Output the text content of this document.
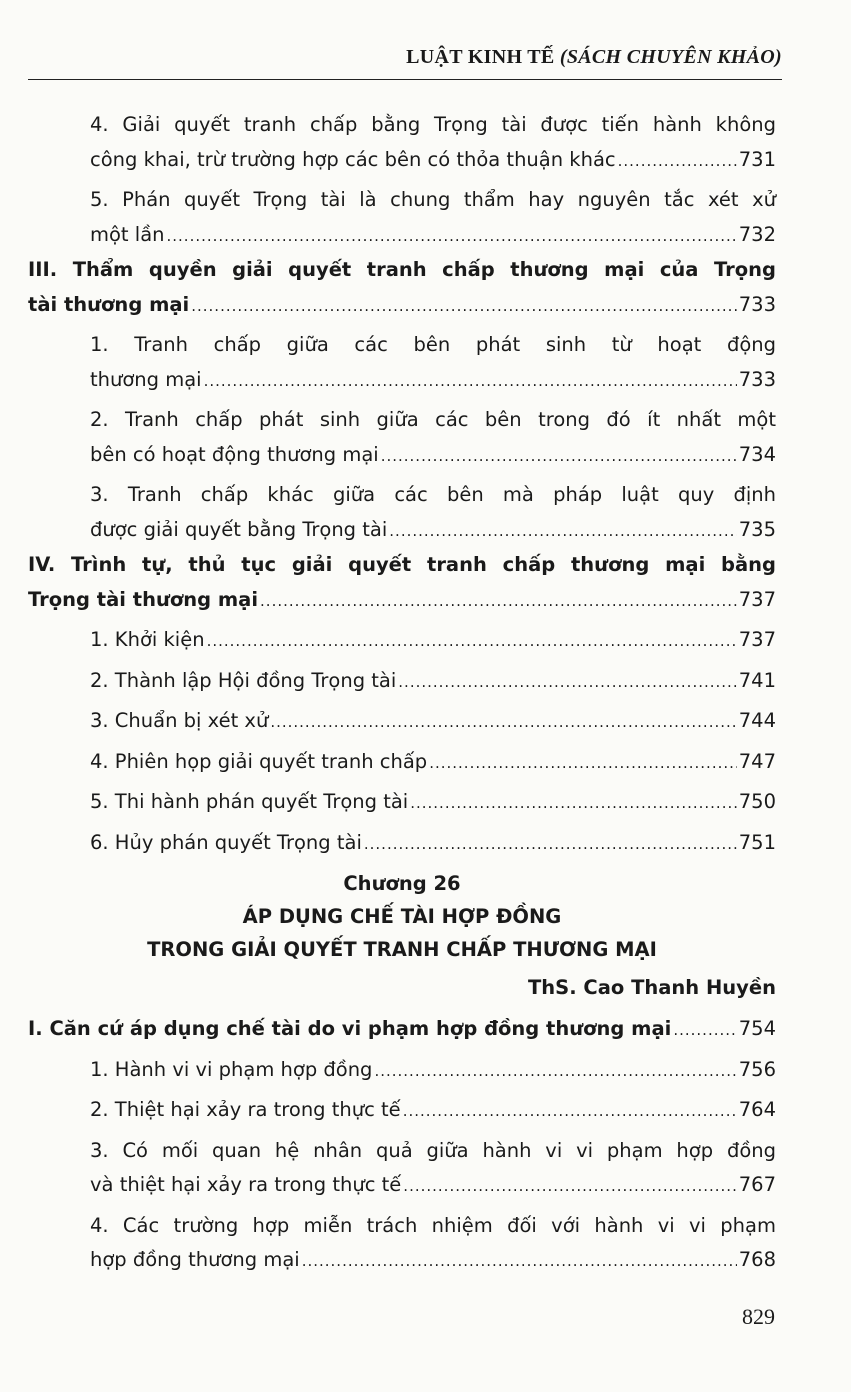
LUẬT KINH TẾ (SÁCH CHUYÊN KHẢO)
4. Giải quyết tranh chấp bằng Trọng tài được tiến hành không
công khai, trừ trường hợp các bên có thỏa thuận khác .....	731
5. Phán quyết Trọng tài là chung thẩm hay nguyên tắc xét xử
một lần .....	732
III. Thẩm quyền giải quyết tranh chấp thương mại của Trọng
tài thương mại .....	733
1. Tranh chấp giữa các bên phát sinh từ hoạt động
thương mại .....	733
2. Tranh chấp phát sinh giữa các bên trong đó ít nhất một
bên có hoạt động thương mại .....	734
3. Tranh chấp khác giữa các bên mà pháp luật quy định
được giải quyết bằng Trọng tài .....	735
IV. Trình tự, thủ tục giải quyết tranh chấp thương mại bằng
Trọng tài thương mại .....	737
1. Khởi kiện .....	737
2. Thành lập Hội đồng Trọng tài .....	741
3. Chuẩn bị xét xử .....	744
4. Phiên họp giải quyết tranh chấp .....	747
5. Thi hành phán quyết Trọng tài .....	750
6. Hủy phán quyết Trọng tài .....	751
Chương 26
ÁP DỤNG CHẾ TÀI HỢP ĐỒNG
TRONG GIẢI QUYẾT TRANH CHẤP THƯƠNG MẠI
ThS. Cao Thanh Huyền
I. Căn cứ áp dụng chế tài do vi phạm hợp đồng thương mại .....	754
1. Hành vi vi phạm hợp đồng .....	756
2. Thiệt hại xảy ra trong thực tế .....	764
3. Có mối quan hệ nhân quả giữa hành vi vi phạm hợp đồng
và thiệt hại xảy ra trong thực tế .....	767
4. Các trường hợp miễn trách nhiệm đối với hành vi vi phạm
hợp đồng thương mại .....	768
829
